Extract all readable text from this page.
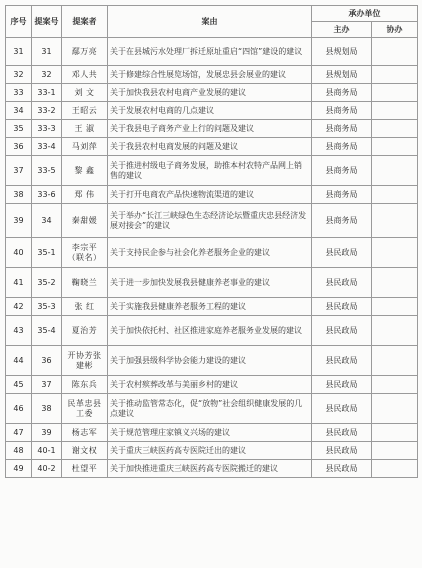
序号	提案号	提案者	案由	承办单位	
				主办	协办
31	31	鄢万亮	关于在县城污水处理厂拆迁原址重启“四馆”建设的建议	县规划局	
32	32	邓人共	关于修建综合性展览场馆，发展忠县会展业的建议	县规划局	
33	33-1	刘 文	关于加快我县农村电商产业发展的建议	县商务局	
34	33-2	王昭云	关于发展农村电商的几点建议	县商务局	
35	33-3	王 淑	关于我县电子商务产业上行的问题及建议	县商务局	
36	33-4	马刘萍	关于我县农村电商发展的问题及建议	县商务局	
37	33-5	黎 鑫	关于推进村级电子商务发展，助推本村农特产品网上销售的建议	县商务局	
38	33-6	郑 伟	关于打开电商农产品快速物流渠道的建议	县商务局	
39	34	秦甜媛	关于举办“长江三峡绿色生态经济论坛暨重庆忠县经济发展对接会”的建议	县商务局	
40	35-1	李宗平（联名）	关于支持民企参与社会化养老服务企业的建议	县民政局	
41	35-2	鞠晓兰	关于进一步加快发展我县健康养老事业的建议	县民政局	
42	35-3	张 红	关于实施我县健康养老服务工程的建议	县民政局	
43	35-4	夏治芳	关于加快依托村、社区推进家庭养老服务业发展的建议	县民政局	
44	36	开协芳张建彬	关于加强县级科学协会能力建设的建议	县民政局	
45	37	陈东兵	关于农村殡葬改革与美丽乡村的建议	县民政局	
46	38	民革忠县工委	关于推动监管常态化，促“放物”社会组织健康发展的几点建议	县民政局	
47	39	杨志军	关于规范管理庄家镇义兴场的建议	县民政局	
48	40-1	谢文权	关于重庆三峡医药高专医院迁出的建议	县民政局	
49	40-2	杜望平	关于加快推进重庆三峡医药高专医院搬迁的建议	县民政局	
